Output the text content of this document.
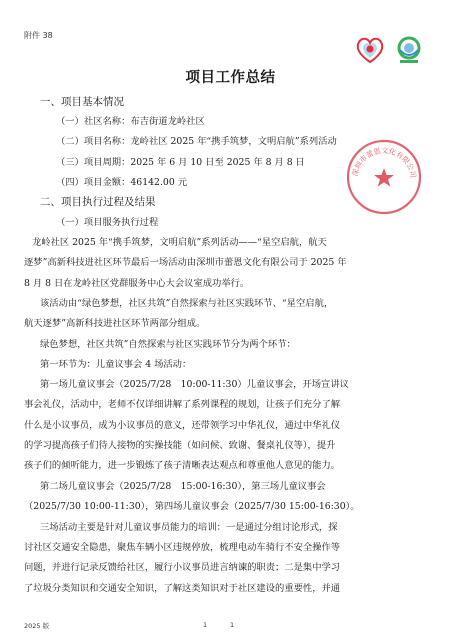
附件 38
项目工作总结
一、项目基本情况
（一）社区名称：布吉街道龙岭社区
（二）项目名称：龙岭社区 2025 年“携手筑梦，文明启航”系列活动
（三）项目周期：2025 年 6 月 10 日至 2025 年 8 月 8 日
（四）项目金额：46142.00 元
二、项目执行过程及结果
（一）项目服务执行过程
龙岭社区 2025 年“携手筑梦，文明启航”系列活动——“星空启航，航天
逐梦”高新科技进社区环节最后一场活动由深圳市蕾恩文化有限公司于 2025 年
8 月 8 日在龙岭社区党群服务中心大会议室成功举行。
该活动由“绿色梦想，社区共筑”自然探索与社区实践环节、“星空启航，
航天逐梦”高新科技进社区环节两部分组成。
绿色梦想，社区共筑”自然探索与社区实践环节分为两个环节：
第一环节为：儿童议事会 4 场活动：
第一场儿童议事会（2025/7/28　10:00-11:30）儿童议事会，开场宣讲议
事会礼仪，活动中，老师不仅详细讲解了系列课程的规划，让孩子们充分了解
什么是小议事员，成为小议事员的意义，还带领学习中华礼仪，通过中华礼仪
的学习提高孩子们待人接物的实操技能（如问候、致谢、餐桌礼仪等），提升
孩子们的倾听能力，进一步锻炼了孩子清晰表达观点和尊重他人意见的能力。
第二场儿童议事会（2025/7/28　15:00-16:30），第三场儿童议事会
（2025/7/30 10:00-11:30），第四场儿童议事会（2025/7/30 15:00-16:30）。
三场活动主要是针对儿童议事员能力的培训：一是通过分组讨论形式，探
讨社区交通安全隐患，聚焦车辆小区违规停放，梳理电动车骑行不安全操作等
问题，并进行记录反馈给社区，履行小议事员进言纳谏的职责；二是集中学习
了垃圾分类知识和交通安全知识，了解这类知识对于社区建设的重要性，并通
深圳市蕾恩文化有限公司
2025 版	1	1
